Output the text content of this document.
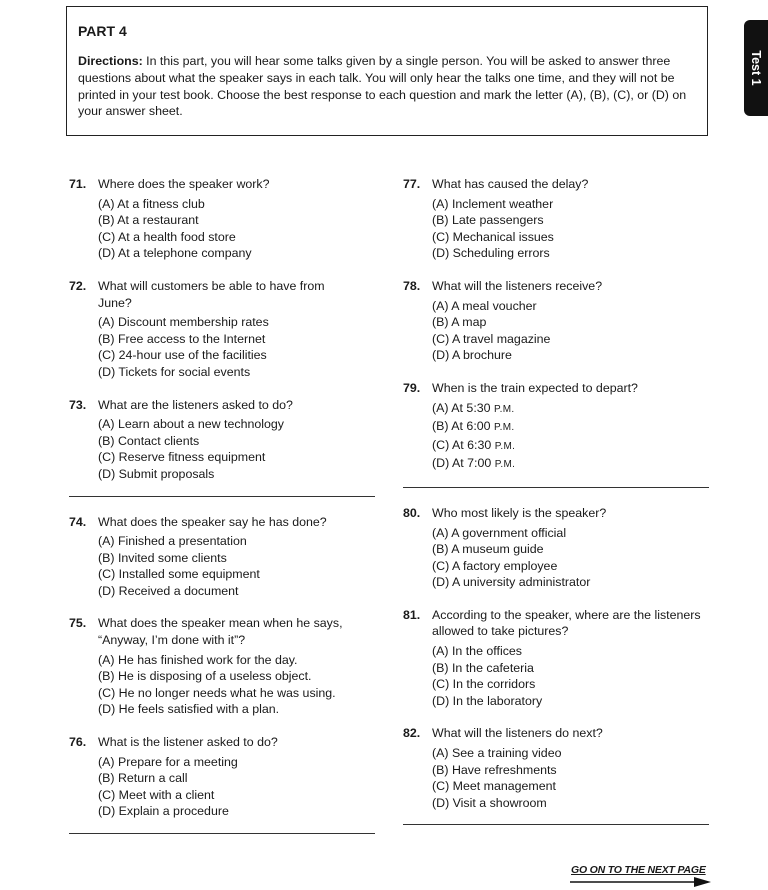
Test 1
PART 4

Directions: In this part, you will hear some talks given by a single person. You will be asked to answer three questions about what the speaker says in each talk. You will only hear the talks one time, and they will not be printed in your test book. Choose the best response to each question and mark the letter (A), (B), (C), or (D) on your answer sheet.

71. Where does the speaker work?
(A) At a fitness club
(B) At a restaurant
(C) At a health food store
(D) At a telephone company
72. What will customers be able to have from June?
(A) Discount membership rates
(B) Free access to the Internet
(C) 24-hour use of the facilities
(D) Tickets for social events
73. What are the listeners asked to do?
(A) Learn about a new technology
(B) Contact clients
(C) Reserve fitness equipment
(D) Submit proposals
74. What does the speaker say he has done?
(A) Finished a presentation
(B) Invited some clients
(C) Installed some equipment
(D) Received a document
75. What does the speaker mean when he says, “Anyway, I’m done with it”?
(A) He has finished work for the day.
(B) He is disposing of a useless object.
(C) He no longer needs what he was using.
(D) He feels satisfied with a plan.
76. What is the listener asked to do?
(A) Prepare for a meeting
(B) Return a call
(C) Meet with a client
(D) Explain a procedure
77. What has caused the delay?
(A) Inclement weather
(B) Late passengers
(C) Mechanical issues
(D) Scheduling errors
78. What will the listeners receive?
(A) A meal voucher
(B) A map
(C) A travel magazine
(D) A brochure
79. When is the train expected to depart?
(A) At 5:30 P.M.
(B) At 6:00 P.M.
(C) At 6:30 P.M.
(D) At 7:00 P.M.
80. Who most likely is the speaker?
(A) A government official
(B) A museum guide
(C) A factory employee
(D) A university administrator
81. According to the speaker, where are the listeners allowed to take pictures?
(A) In the offices
(B) In the cafeteria
(C) In the corridors
(D) In the laboratory
82. What will the listeners do next?
(A) See a training video
(B) Have refreshments
(C) Meet management
(D) Visit a showroom
GO ON TO THE NEXT PAGE
